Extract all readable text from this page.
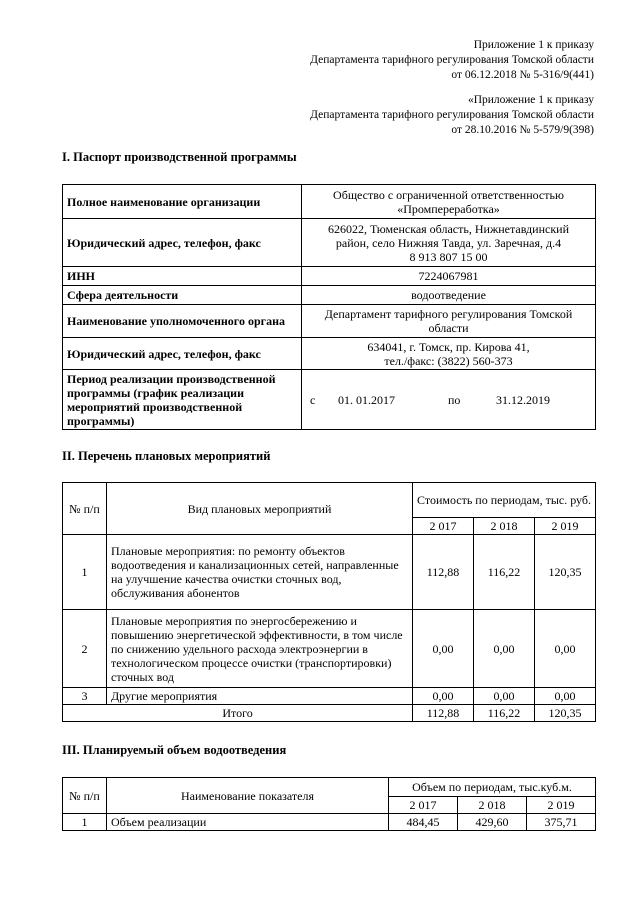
Приложение 1 к приказу
Департамента тарифного регулирования Томской области
от 06.12.2018 № 5-316/9(441)
«Приложение 1 к приказу
Департамента тарифного регулирования Томской области
от 28.10.2016 № 5-579/9(398)
I. Паспорт производственной программы
Полное наименование организации	Общество с ограниченной ответственностью
«Промпереработка»

Юридический адрес, телефон, факс	626022, Тюменская область, Нижнетавдинский
район, село Нижняя Тавда, ул. Заречная, д.4
8 913 807 15 00

ИНН	7224067981
Сфера деятельности	водоотведение
Наименование уполномоченного органа	Департамент тарифного регулирования Томской
области

Юридический адрес, телефон, факс	634041, г. Томск, пр. Кирова 41,
тел./факс: (3822) 560-373

Период реализации производственной программы (график реализации мероприятий производственной программы)	с 01. 01.2017 по 31.12.2019
II. Перечень плановых мероприятий
№ п/п	Вид плановых мероприятий	Стоимость по периодам, тыс. руб.		
		2 017	2 018	2 019
1	Плановые мероприятия: по ремонту объектов водоотведения и канализационных сетей, направленные на улучшение качества очистки сточных вод, обслуживания абонентов	112,88	116,22	120,35
2	Плановые мероприятия по энергосбережению и повышению энергетической эффективности, в том числе по снижению удельного расхода электроэнергии в технологическом процессе очистки (транспортировки) сточных вод	0,00	0,00	0,00
3	Другие мероприятия	0,00	0,00	0,00
Итого		112,88	116,22	120,35
III. Планируемый объем водоотведения
№ п/п	Наименование показателя	Объем по периодам, тыс.куб.м.		
		2 017	2 018	2 019
1	Объем реализации	484,45	429,60	375,71
